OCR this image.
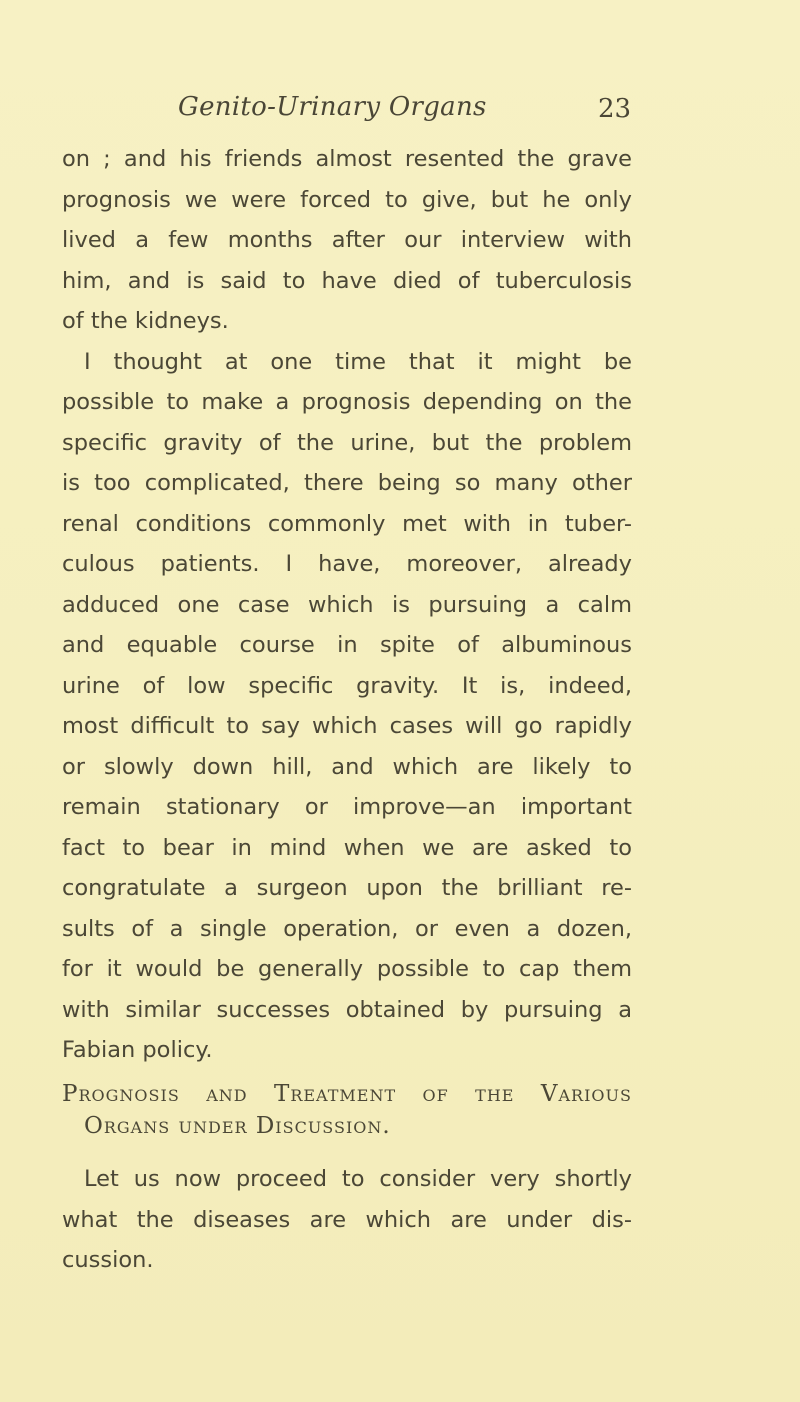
Genito-Urinary Organs	23
on ; and his friends almost resented the grave
prognosis we were forced to give, but he only
lived a few months after our interview with
him, and is said to have died of tuberculosis
of the kidneys.
I thought at one time that it might be
possible to make a prognosis depending on the
specific gravity of the urine, but the problem
is too complicated, there being so many other
renal conditions commonly met with in tuber-
culous patients. I have, moreover, already
adduced one case which is pursuing a calm
and equable course in spite of albuminous
urine of low specific gravity. It is, indeed,
most difficult to say which cases will go rapidly
or slowly down hill, and which are likely to
remain stationary or improve—an important
fact to bear in mind when we are asked to
congratulate a surgeon upon the brilliant re-
sults of a single operation, or even a dozen,
for it would be generally possible to cap them
with similar successes obtained by pursuing a
Fabian policy.
Prognosis and Treatment of the Various
Organs under Discussion.
Let us now proceed to consider very shortly
what the diseases are which are under dis-
cussion.
